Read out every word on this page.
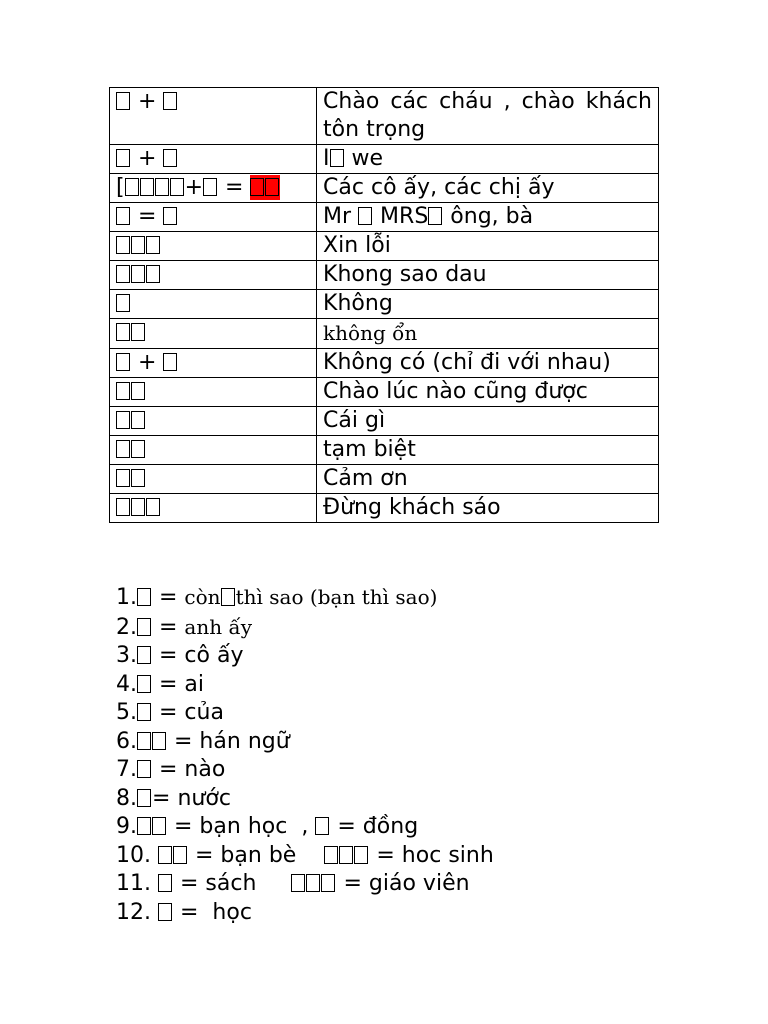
+	Chào các cháu , chào khách tôn trọng
+	I we
[ + =	Các cô ấy, các chị ấy
=	Mr MRS ông, bà
	Xin lỗi
	Khong sao dau
	Không
	không ổn
+	Không có (chỉ đi với nhau)
	Chào lúc nào cũng được
	Cái gì
	tạm biệt
	Cảm ơn
	Đừng khách sáo
1. = còn thì sao (bạn thì sao)
2. = anh ấy
3. = cô ấy
4. = ai
5. = của
6. = hán ngữ
7. = nào
8. = nước
9. = bạn học , = đồng
10.  = bạn bè	= hoc sinh
11.  = sách	= giáo viên
12.  =  học
